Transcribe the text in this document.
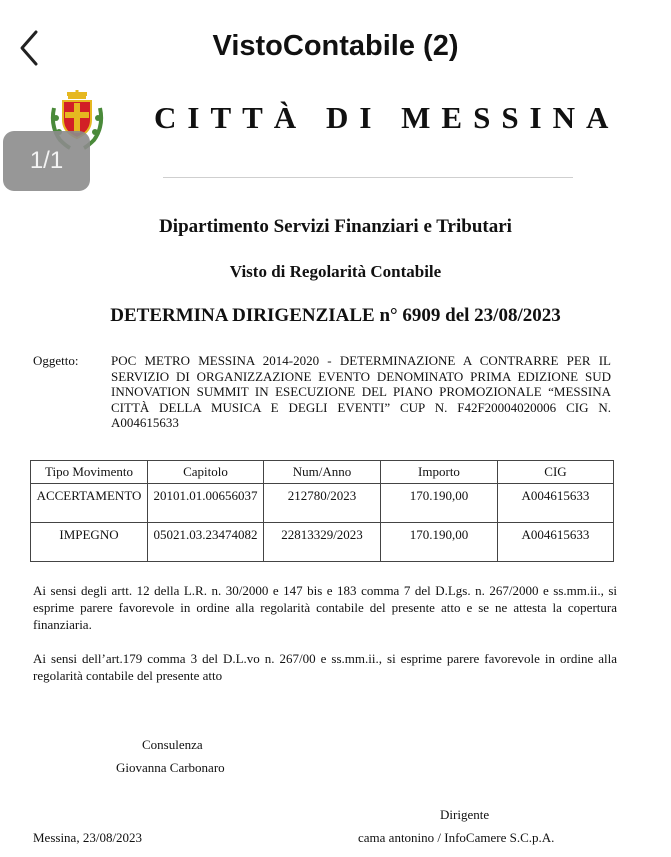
VistoContabile (2)
1/1
CITTÀ DI MESSINA
Dipartimento Servizi Finanziari e Tributari
Visto di Regolarità Contabile
DETERMINA DIRIGENZIALE n° 6909 del 23/08/2023
Oggetto:	POC METRO MESSINA 2014-2020 - DETERMINAZIONE A CONTRARRE PER IL SERVIZIO DI ORGANIZZAZIONE EVENTO DENOMINATO PRIMA EDIZIONE SUD INNOVATION SUMMIT IN ESECUZIONE DEL PIANO PROMOZIONALE “MESSINA CITTÀ DELLA MUSICA E DEGLI EVENTI” CUP N. F42F20004020006 CIG N. A004615633
Tipo Movimento	Capitolo	Num/Anno	Importo	CIG
ACCERTAMENTO	20101.01.00656037	212780/2023	170.190,00	A004615633
IMPEGNO	05021.03.23474082	22813329/2023	170.190,00	A004615633
Ai sensi degli artt. 12 della L.R. n. 30/2000 e 147 bis e 183 comma 7 del D.Lgs. n. 267/2000 e ss.mm.ii., si esprime parere favorevole in ordine alla regolarità contabile del presente atto e se ne attesta la copertura finanziaria.
Ai sensi dell’art.179 comma 3 del D.L.vo n. 267/00 e ss.mm.ii., si esprime parere favorevole in ordine alla regolarità contabile del presente atto
Consulenza
Giovanna Carbonaro
Dirigente
Messina, 23/08/2023	cama antonino / InfoCamere S.C.p.A.
